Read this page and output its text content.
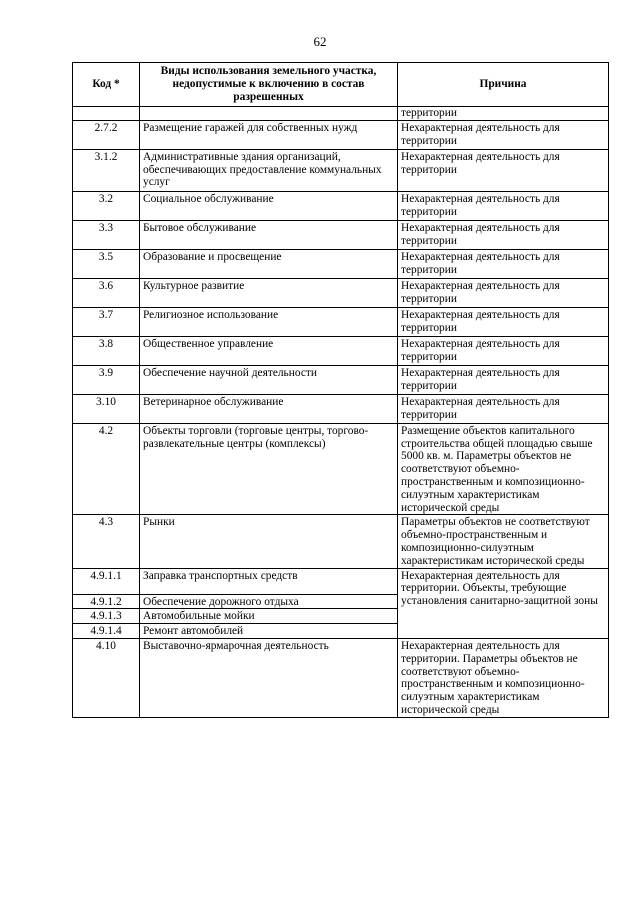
62
Код *	Виды использования земельного участка, недопустимые к включению в состав разрешенных	Причина
		территории
2.7.2	Размещение гаражей для собственных нужд	Нехарактерная деятельность для территории
3.1.2	Административные здания организаций, обеспечивающих предоставление коммунальных услуг	Нехарактерная деятельность для территории
3.2	Социальное обслуживание	Нехарактерная деятельность для территории
3.3	Бытовое обслуживание	Нехарактерная деятельность для территории
3.5	Образование и просвещение	Нехарактерная деятельность для территории
3.6	Культурное развитие	Нехарактерная деятельность для территории
3.7	Религиозное использование	Нехарактерная деятельность для территории
3.8	Общественное управление	Нехарактерная деятельность для территории
3.9	Обеспечение научной деятельности	Нехарактерная деятельность для территории
3.10	Ветеринарное обслуживание	Нехарактерная деятельность для территории
4.2	Объекты торговли (торговые центры, торгово-развлекательные центры (комплексы)	Размещение объектов капитального строительства общей площадью свыше 5000 кв. м. Параметры объектов не соответствуют объемно-пространственным и композиционно-силуэтным характеристикам исторической среды
4.3	Рынки	Параметры объектов не соответствуют объемно-пространственным и композиционно-силуэтным характеристикам исторической среды
4.9.1.1	Заправка транспортных средств	Нехарактерная деятельность для территории. Объекты, требующие установления санитарно-защитной зоны
4.9.1.2	Обеспечение дорожного отдыха	
4.9.1.3	Автомобильные мойки	
4.9.1.4	Ремонт автомобилей	
4.10	Выставочно-ярмарочная деятельность	Нехарактерная деятельность для территории. Параметры объектов не соответствуют объемно-пространственным и композиционно-силуэтным характеристикам исторической среды
